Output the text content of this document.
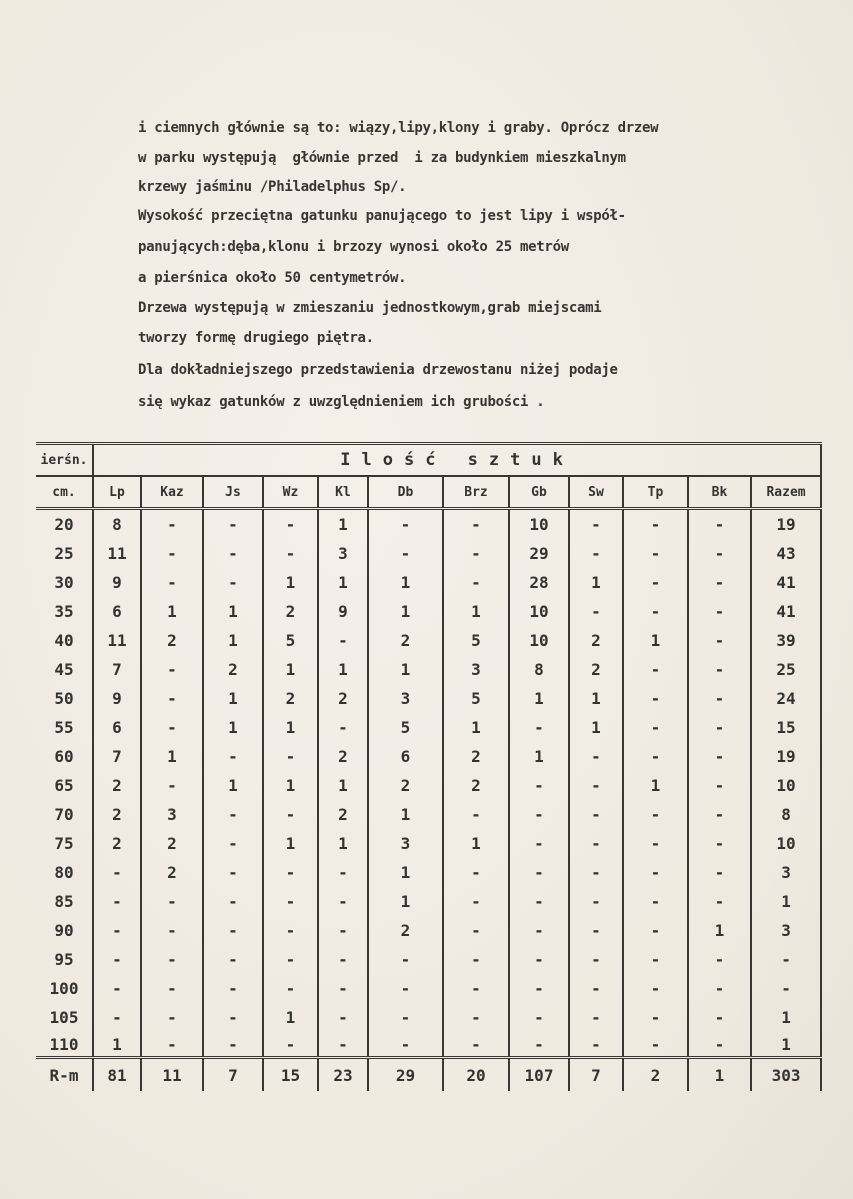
i ciemnych głównie są to: wiązy,lipy,klony i graby. Oprócz drzew
w parku występują  głównie przed  i za budynkiem mieszkalnym
krzewy jaśminu /Philadelphus Sp/.
Wysokość przeciętna gatunku panującego to jest lipy i współ-
panujących:dęba,klonu i brzozy wynosi około 25 metrów
a pierśnica około 50 centymetrów.
Drzewa występują w zmieszaniu jednostkowym,grab miejscami
tworzy formę drugiego piętra.
Dla dokładniejszego przedstawienia drzewostanu niżej podaje
się wykaz gatunków z uwzględnieniem ich grubości .
ierśn.	Ilość sztuk											
cm.	Lp	Kaz	Js	Wz	Kl	Db	Brz	Gb	Sw	Tp	Bk	Razem
20	8	-	-	-	1	-	-	10	-	-	-	19
25	11	-	-	-	3	-	-	29	-	-	-	43
30	9	-	-	1	1	1	-	28	1	-	-	41
35	6	1	1	2	9	1	1	10	-	-	-	41
40	11	2	1	5	-	2	5	10	2	1	-	39
45	7	-	2	1	1	1	3	8	2	-	-	25
50	9	-	1	2	2	3	5	1	1	-	-	24
55	6	-	1	1	-	5	1	-	1	-	-	15
60	7	1	-	-	2	6	2	1	-	-	-	19
65	2	-	1	1	1	2	2	-	-	1	-	10
70	2	3	-	-	2	1	-	-	-	-	-	8
75	2	2	-	1	1	3	1	-	-	-	-	10
80	-	2	-	-	-	1	-	-	-	-	-	3
85	-	-	-	-	-	1	-	-	-	-	-	1
90	-	-	-	-	-	2	-	-	-	-	1	3
95	-	-	-	-	-	-	-	-	-	-	-	-
100	-	-	-	-	-	-	-	-	-	-	-	-
105	-	-	-	1	-	-	-	-	-	-	-	1
110	1	-	-	-	-	-	-	-	-	-	-	1
R-m	81	11	7	15	23	29	20	107	7	2	1	303
